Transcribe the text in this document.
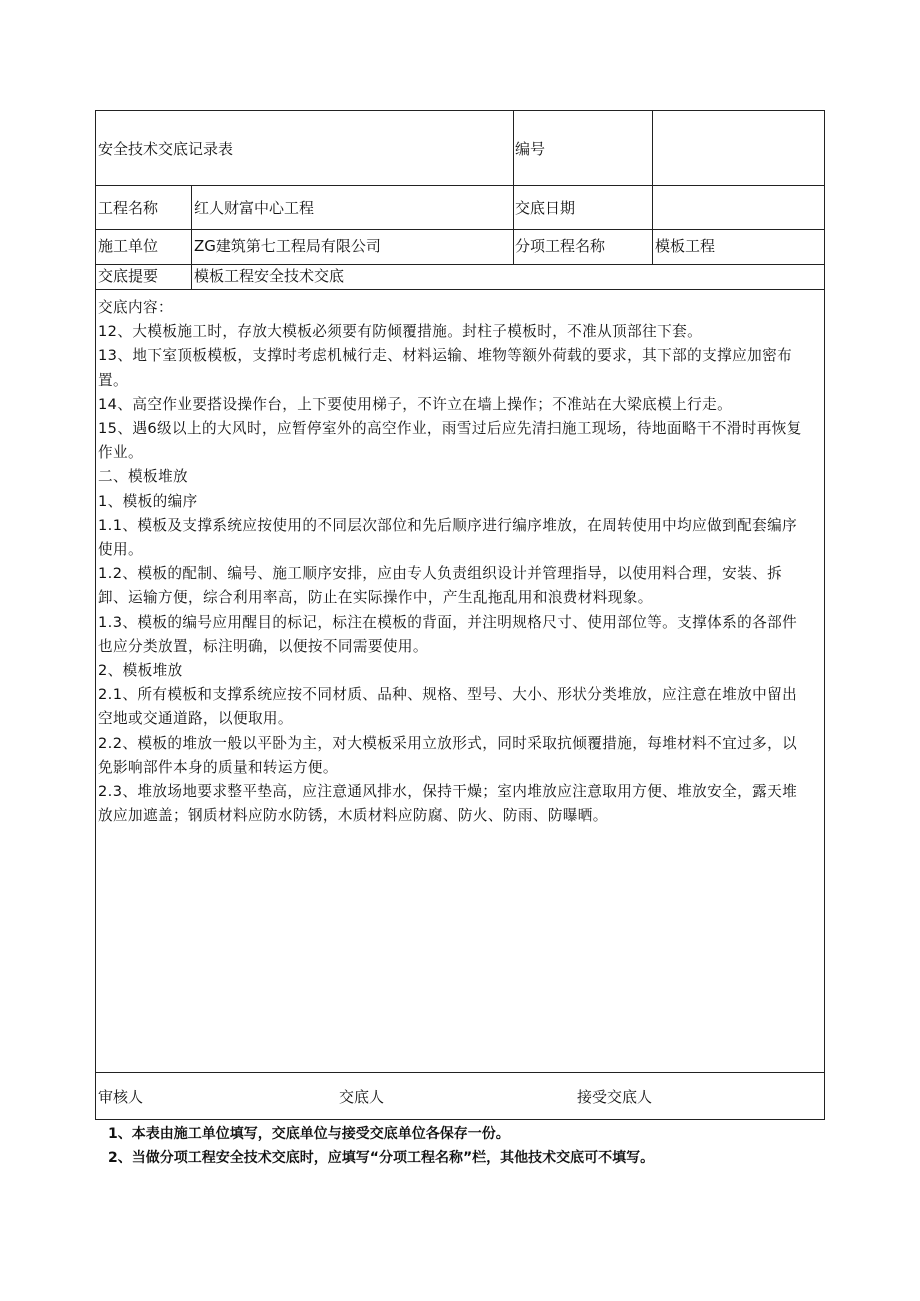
安全技术交底记录表	编号
工程名称 红人财富中心工程	交底日期
施工单位 ZG建筑第七工程局有限公司	分项工程名称	模板工程
交底提要 模板工程安全技术交底

交底内容：

12、大模板施工时，存放大模板必须要有防倾覆措施。封柱子模板时，不准从顶部往下套。

13、地下室顶板模板，支撑时考虑机械行走、材料运输、堆物等额外荷载的要求，其下部的支撑应加密布

置。

14、高空作业要搭设操作台，上下要使用梯子，不许立在墙上操作；不准站在大梁底模上行走。

15、遇6级以上的大风时，应暂停室外的高空作业，雨雪过后应先清扫施工现场，待地面略干不滑时再恢复

作业。

二、模板堆放

1、模板的编序

1.1、模板及支撑系统应按使用的不同层次部位和先后顺序进行编序堆放，在周转使用中均应做到配套编序

使用。

1.2、模板的配制、编号、施工顺序安排，应由专人负责组织设计并管理指导，以使用料合理，安装、拆

卸、运输方便，综合利用率高，防止在实际操作中，产生乱拖乱用和浪费材料现象。

1.3、模板的编号应用醒目的标记，标注在模板的背面，并注明规格尺寸、使用部位等。支撑体系的各部件

也应分类放置，标注明确，以便按不同需要使用。

2、模板堆放

2.1、所有模板和支撑系统应按不同材质、品种、规格、型号、大小、形状分类堆放，应注意在堆放中留出

空地或交通道路，以便取用。

2.2、模板的堆放一般以平卧为主，对大模板采用立放形式，同时采取抗倾覆措施，每堆材料不宜过多，以

免影响部件本身的质量和转运方便。

2.3、堆放场地要求整平垫高，应注意通风排水，保持干燥；室内堆放应注意取用方便、堆放安全，露天堆

放应加遮盖；钢质材料应防水防锈，木质材料应防腐、防火、防雨、防曝晒。

审核人	交底人	接受交底人

1、本表由施工单位填写，交底单位与接受交底单位各保存一份。

2、当做分项工程安全技术交底时，应填写“分项工程名称”栏，其他技术交底可不填写。
